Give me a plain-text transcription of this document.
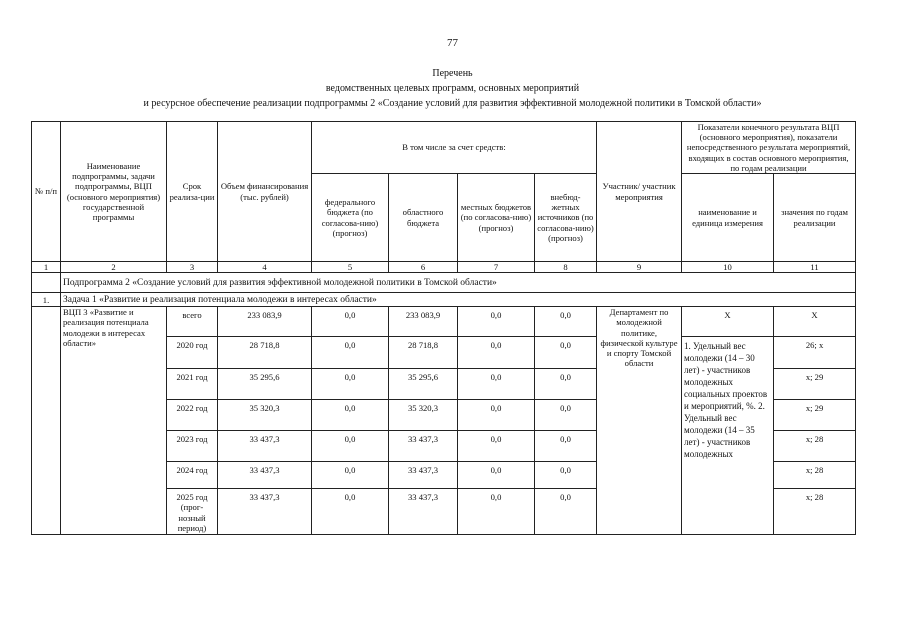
77
Перечень
ведомственных целевых программ, основных мероприятий
и ресурсное обеспечение реализации подпрограммы 2 «Создание условий для развития эффективной молодежной политики в Томской области»
№ п/п	Наименование подпрограммы, задачи подпрограммы, ВЦП (основного мероприятия) государственной программы	Срок реализа-ции	Объем финансирования (тыс. рублей)	В том числе за счет средств:				Участник/ участник мероприятия	Показатели конечного результата ВЦП (основного мероприятия), показатели непосредственного результата мероприятий, входящих в состав основного мероприятия, по годам реализации	
				федерального бюджета (по согласова-нию) (прогноз)	областного бюджета	местных бюджетов (по согласова-нию) (прогноз)	внебюд-жетных источников (по согласова-нию) (прогноз)		наименование и единица измерения	значения по годам реализации

1	2	3	4	5	6	7	8	9	10	11
	Подпрограмма 2 «Создание условий для развития эффективной молодежной политики в Томской области»									
1.	Задача 1 «Развитие и реализация потенциала молодежи в интересах области»									
	ВЦП 3 «Развитие и реализация потенциала молодежи в интересах области»	всего	233 083,9	0,0	233 083,9	0,0	0,0	Департамент по молодежной политике, физической культуре и спорту Томской области	Х	Х
		2020 год	28 718,8	0,0	28 718,8	0,0	0,0		1. Удельный вес молодежи (14 – 30 лет) - участников молодежных социальных проектов и мероприятий, %. 2. Удельный вес молодежи (14 – 35 лет) - участников молодежных	26; х
		2021 год	35 295,6	0,0	35 295,6	0,0	0,0			х; 29
		2022 год	35 320,3	0,0	35 320,3	0,0	0,0			х; 29
		2023 год	33 437,3	0,0	33 437,3	0,0	0,0			х; 28
		2024 год	33 437,3	0,0	33 437,3	0,0	0,0			х; 28
		2025 год (прог-нозный период)	33 437,3	0,0	33 437,3	0,0	0,0			х; 28
